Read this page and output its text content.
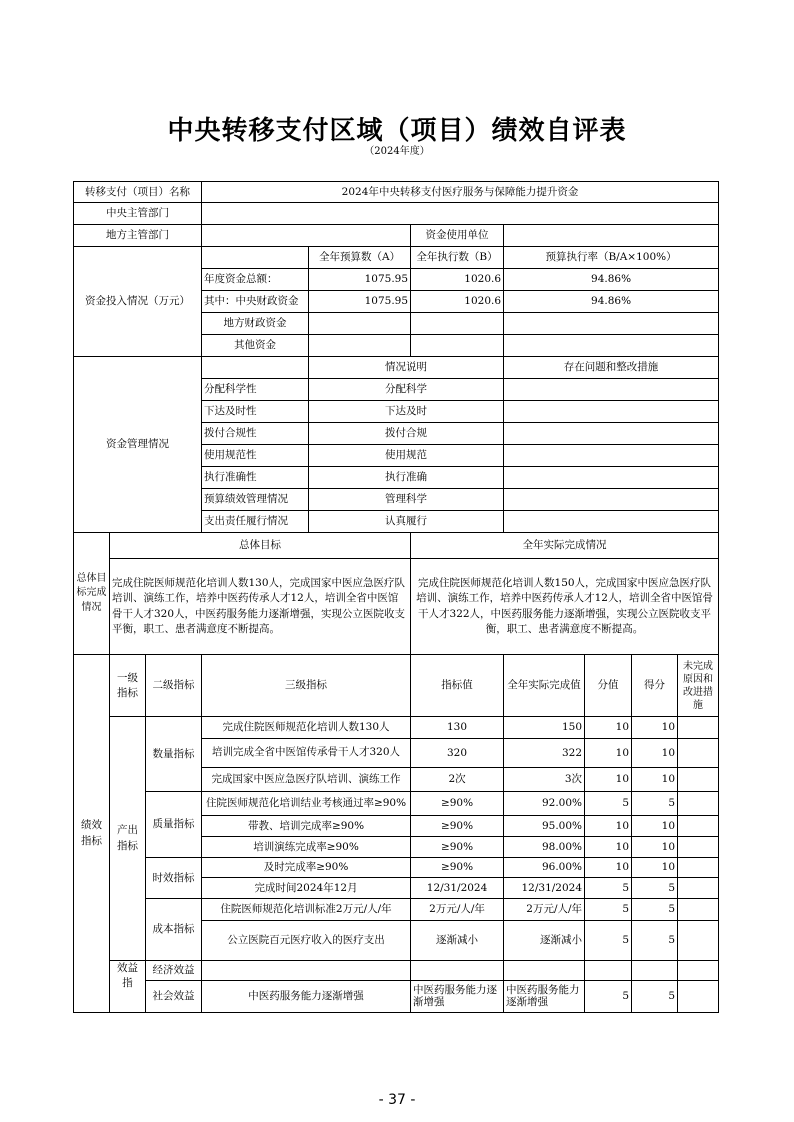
中央转移支付区域（项目）绩效自评表
（2024年度）
转移支付（项目）名称			2024年中央转移支付医疗服务与保障能力提升资金						
中央主管部门									
地方主管部门					资金使用单位				
资金投入情况（万元）				全年预算数（A）	全年执行数（B）	预算执行率（B/A×100%）			
			年度资金总额：	1075.95	1020.6	94.86%			
			其中：中央财政资金	1075.95	1020.6	94.86%			
			地方财政资金						
			其他资金						
资金管理情况				情况说明		存在问题和整改措施			
			分配科学性	分配科学					
			下达及时性	下达及时					
			拨付合规性	拨付合规					
			使用规范性	使用规范					
			执行准确性	执行准确					
			预算绩效管理情况	管理科学					
			支出责任履行情况	认真履行					
总体目标完成情况	总体目标				全年实际完成情况				
	完成住院医师规范化培训人数130人，完成国家中医应急医疗队培训、演练工作，培养中医药传承人才12人，培训全省中医馆骨干人才320人，中医药服务能力逐渐增强，实现公立医院收支平衡，职工、患者满意度不断提高。				完成住院医师规范化培训人数150人，完成国家中医应急医疗队培训、演练工作，培养中医药传承人才12人，培训全省中医馆骨干人才322人，中医药服务能力逐渐增强，实现公立医院收支平衡，职工、患者满意度不断提高。				
绩效指标	一级指标	二级指标	三级指标		指标值	全年实际完成值	分值	得分	未完成原因和改进措施
	产出指标	数量指标	完成住院医师规范化培训人数130人		130	150	10	10	
			培训完成全省中医馆传承骨干人才320人		320	322	10	10	
			完成国家中医应急医疗队培训、演练工作		2次	3次	10	10	
		质量指标	住院医师规范化培训结业考核通过率≥90%		≥90%	92.00%	5	5	
			带教、培训完成率≥90%		≥90%	95.00%	10	10	
			培训演练完成率≥90%		≥90%	98.00%	10	10	
		时效指标	及时完成率≥90%		≥90%	96.00%	10	10	
			完成时间2024年12月		12/31/2024	12/31/2024	5	5	
		成本指标	住院医师规范化培训标准2万元/人/年		2万元/人/年	2万元/人/年	5	5	
			公立医院百元医疗收入的医疗支出		逐渐减小	逐渐减小	5	5	
	效益指	经济效益							
		社会效益	中医药服务能力逐渐增强		中医药服务能力逐渐增强	中医药服务能力逐渐增强	5	5	
- 37 -
